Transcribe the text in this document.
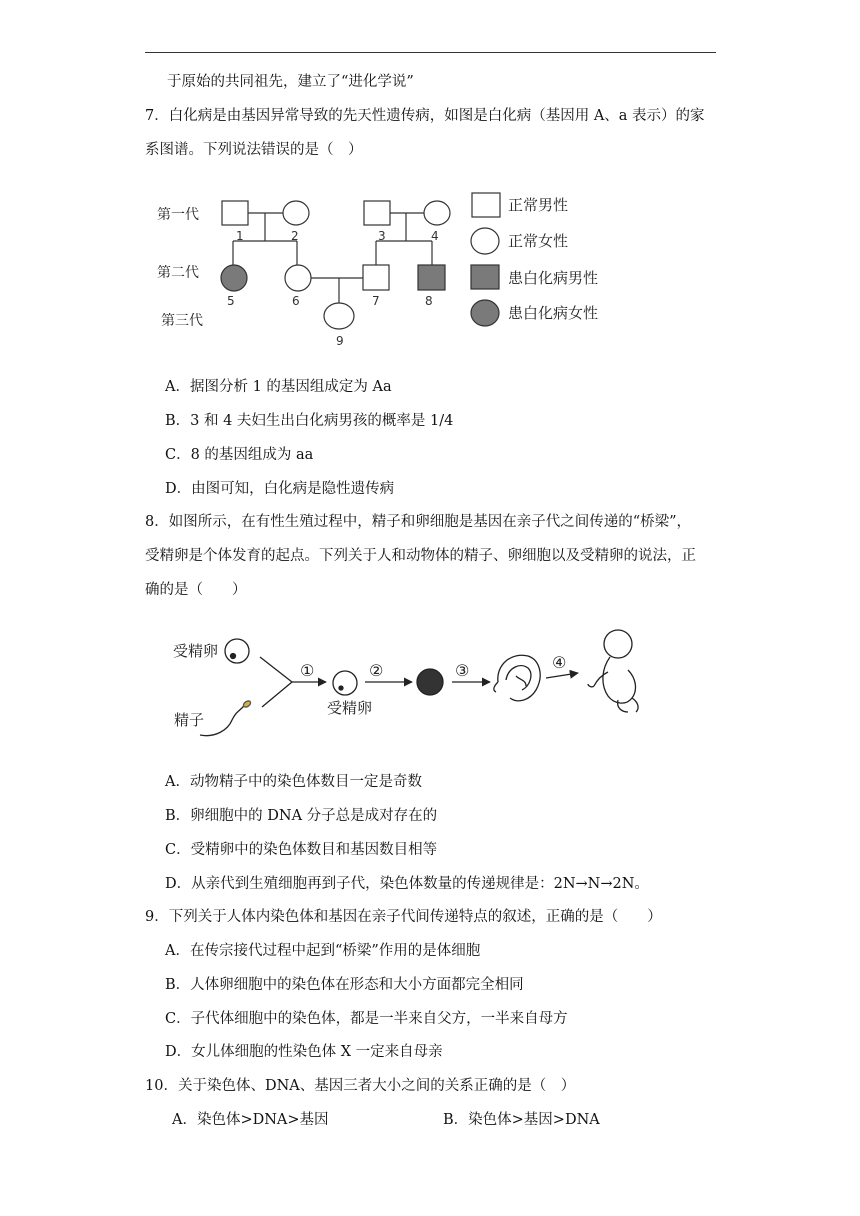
于原始的共同祖先，建立了“进化学说”
7．白化病是由基因异常导致的先天性遗传病，如图是白化病（基因用 A、a 表示）的家
系图谱。下列说法错误的是（　）
第一代
第二代
第三代
1	2	3	4
5	6	7	8
9
正常男性
正常女性
患白化病男性
患白化病女性
A．据图分析 1 的基因组成定为 Aa
B．3 和 4 夫妇生出白化病男孩的概率是 1/4
C．8 的基因组成为 aa
D．由图可知，白化病是隐性遗传病
8．如图所示，在有性生殖过程中，精子和卵细胞是基因在亲子代之间传递的“桥梁”，
受精卵是个体发育的起点。下列关于人和动物体的精子、卵细胞以及受精卵的说法，正
确的是（　　）
受精卵
精子
受精卵
①	②	③	④
A．动物精子中的染色体数目一定是奇数
B．卵细胞中的 DNA 分子总是成对存在的
C．受精卵中的染色体数目和基因数目相等
D．从亲代到生殖细胞再到子代，染色体数量的传递规律是：2N→N→2N。
9．下列关于人体内染色体和基因在亲子代间传递特点的叙述，正确的是（　　）
A．在传宗接代过程中起到“桥梁”作用的是体细胞
B．人体卵细胞中的染色体在形态和大小方面都完全相同
C．子代体细胞中的染色体，都是一半来自父方，一半来自母方
D．女儿体细胞的性染色体 X 一定来自母亲
10．关于染色体、DNA、基因三者大小之间的关系正确的是（　）
A．染色体>DNA>基因	B．染色体>基因>DNA
